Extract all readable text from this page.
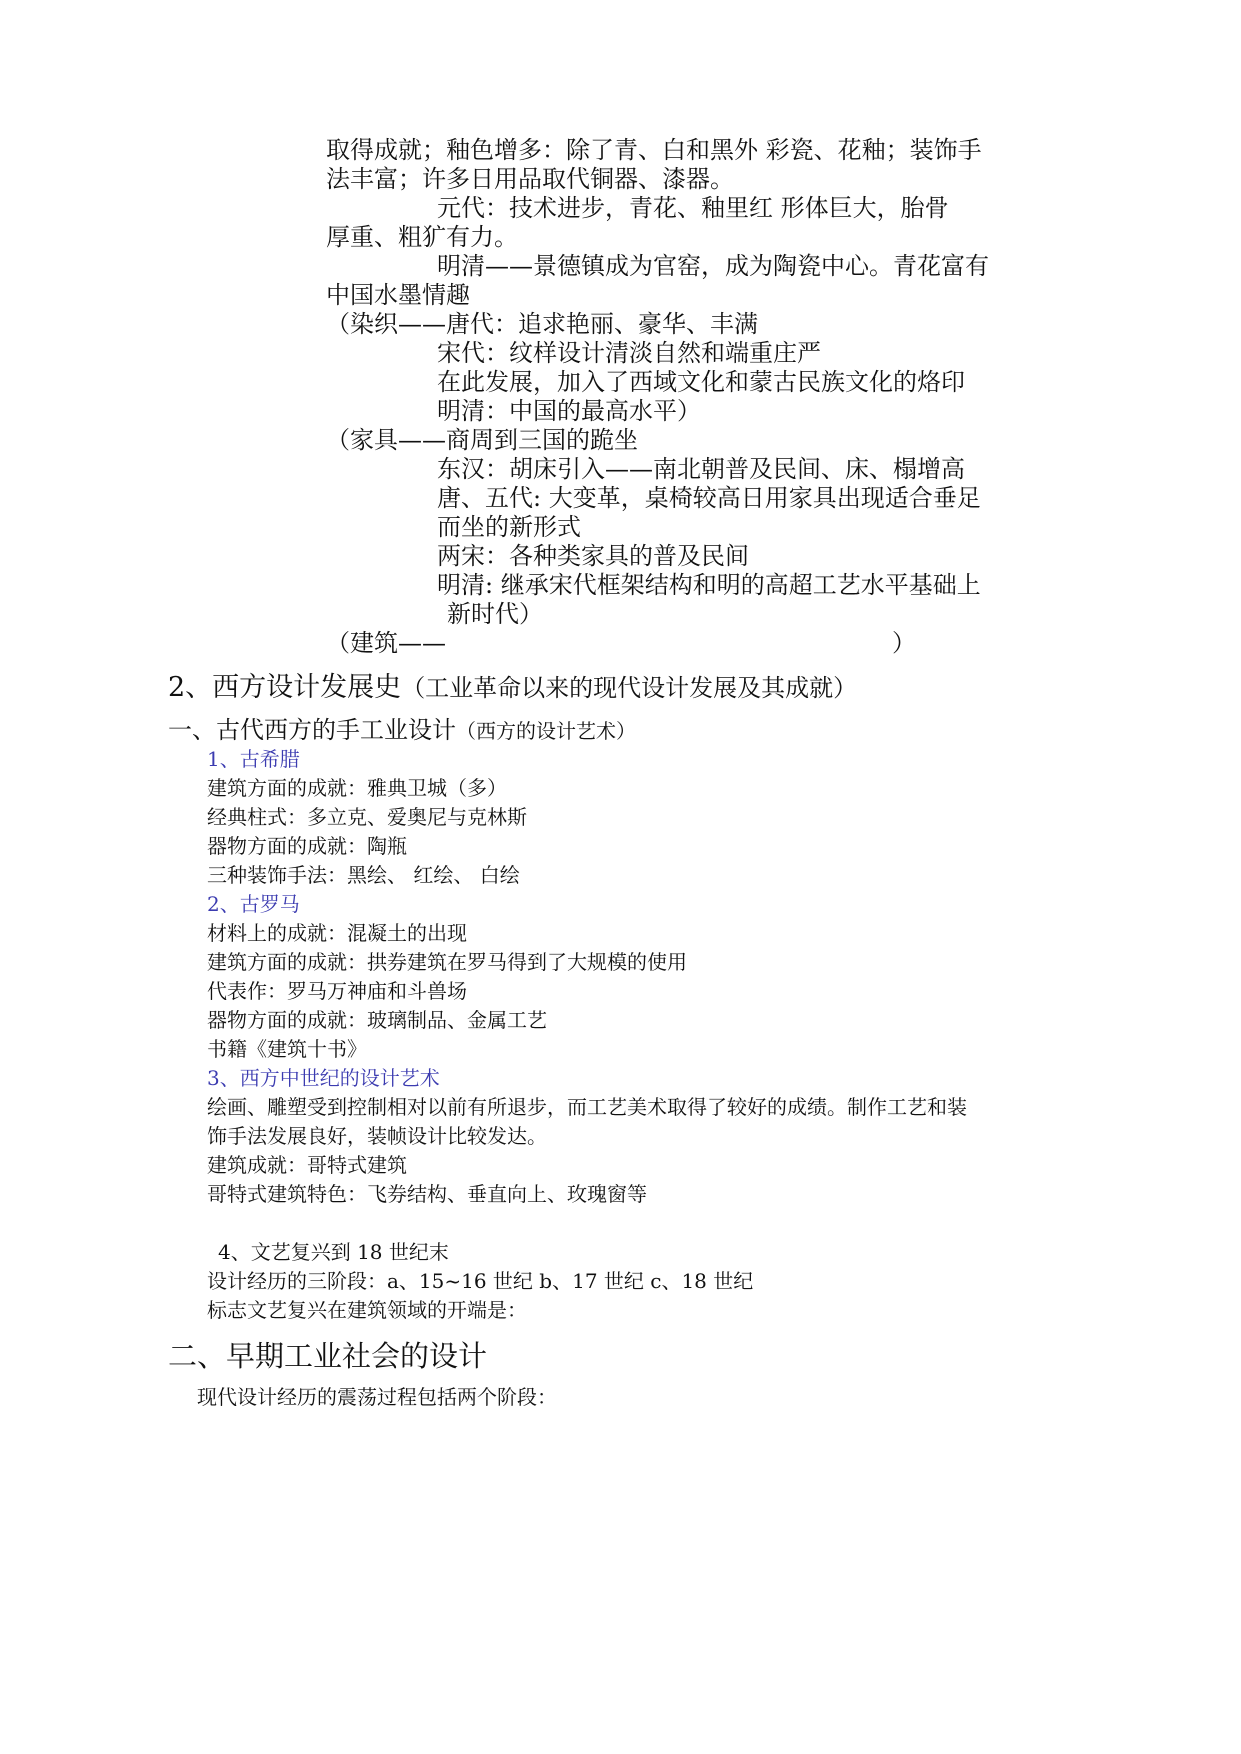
取得成就；釉色增多：除了青、白和黑外 彩瓷、花釉；装饰手
法丰富；许多日用品取代铜器、漆器。
元代：技术进步，青花、釉里红 形体巨大，胎骨
厚重、粗犷有力。
明清——景德镇成为官窑，成为陶瓷中心。青花富有
中国水墨情趣
（染织——唐代：追求艳丽、豪华、丰满
宋代：纹样设计清淡自然和端重庄严
在此发展，加入了西域文化和蒙古民族文化的烙印
明清：中国的最高水平）
（家具——商周到三国的跪坐
东汉：胡床引入——南北朝普及民间、床、榻增高
唐、五代: 大变革，桌椅较高日用家具出现适合垂足
而坐的新形式
两宋：各种类家具的普及民间
明清: 继承宋代框架结构和明的高超工艺水平基础上
新时代）
（建筑——	）
2、西方设计发展史（工业革命以来的现代设计发展及其成就）
一、古代西方的手工业设计（西方的设计艺术）
1、古希腊
建筑方面的成就：雅典卫城（多）
经典柱式：多立克、爱奥尼与克林斯
器物方面的成就：陶瓶
三种装饰手法：黑绘、 红绘、 白绘
2、古罗马
材料上的成就：混凝土的出现
建筑方面的成就：拱券建筑在罗马得到了大规模的使用
代表作：罗马万神庙和斗兽场
器物方面的成就：玻璃制品、金属工艺
书籍《建筑十书》
3、西方中世纪的设计艺术
绘画、雕塑受到控制相对以前有所退步，而工艺美术取得了较好的成绩。制作工艺和装
饰手法发展良好，装帧设计比较发达。
建筑成就：哥特式建筑
哥特式建筑特色：飞券结构、垂直向上、玫瑰窗等
4、文艺复兴到 18 世纪末
设计经历的三阶段：a、15~16 世纪 b、17 世纪 c、18 世纪
标志文艺复兴在建筑领域的开端是：
二、早期工业社会的设计
现代设计经历的震荡过程包括两个阶段：
